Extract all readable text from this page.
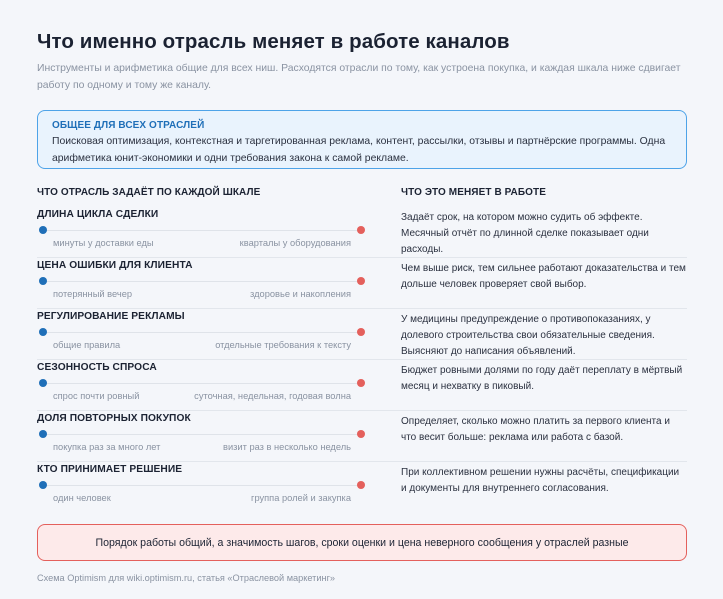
Что именно отрасль меняет в работе каналов
Инструменты и арифметика общие для всех ниш. Расходятся отрасли по тому, как устроена покупка, и каждая шкала ниже сдвигает работу по одному и тому же каналу.
ОБЩЕЕ ДЛЯ ВСЕХ ОТРАСЛЕЙ
Поисковая оптимизация, контекстная и таргетированная реклама, контент, рассылки, отзывы и партнёрские программы. Одна арифметика юнит-экономики и одни требования закона к самой рекламе.
ЧТО ОТРАСЛЬ ЗАДАЁТ ПО КАЖДОЙ ШКАЛЕ	ЧТО ЭТО МЕНЯЕТ В РАБОТЕ
ДЛИНА ЦИКЛА СДЕЛКИ
минуты у доставки еды	кварталы у оборудования
Задаёт срок, на котором можно судить об эффекте. Месячный отчёт по длинной сделке показывает одни расходы.
ЦЕНА ОШИБКИ ДЛЯ КЛИЕНТА
потерянный вечер	здоровье и накопления
Чем выше риск, тем сильнее работают доказательства и тем дольше человек проверяет свой выбор.
РЕГУЛИРОВАНИЕ РЕКЛАМЫ
общие правила	отдельные требования к тексту
У медицины предупреждение о противопоказаниях, у долевого строительства свои обязательные сведения. Выясняют до написания объявлений.
СЕЗОННОСТЬ СПРОСА
спрос почти ровный	суточная, недельная, годовая волна
Бюджет ровными долями по году даёт переплату в мёртвый месяц и нехватку в пиковый.
ДОЛЯ ПОВТОРНЫХ ПОКУПОК
покупка раз за много лет	визит раз в несколько недель
Определяет, сколько можно платить за первого клиента и что весит больше: реклама или работа с базой.
КТО ПРИНИМАЕТ РЕШЕНИЕ
один человек	группа ролей и закупка
При коллективном решении нужны расчёты, спецификации и документы для внутреннего согласования.
Порядок работы общий, а значимость шагов, сроки оценки и цена неверного сообщения у отраслей разные
Схема Optimism для wiki.optimism.ru, статья «Отраслевой маркетинг»
